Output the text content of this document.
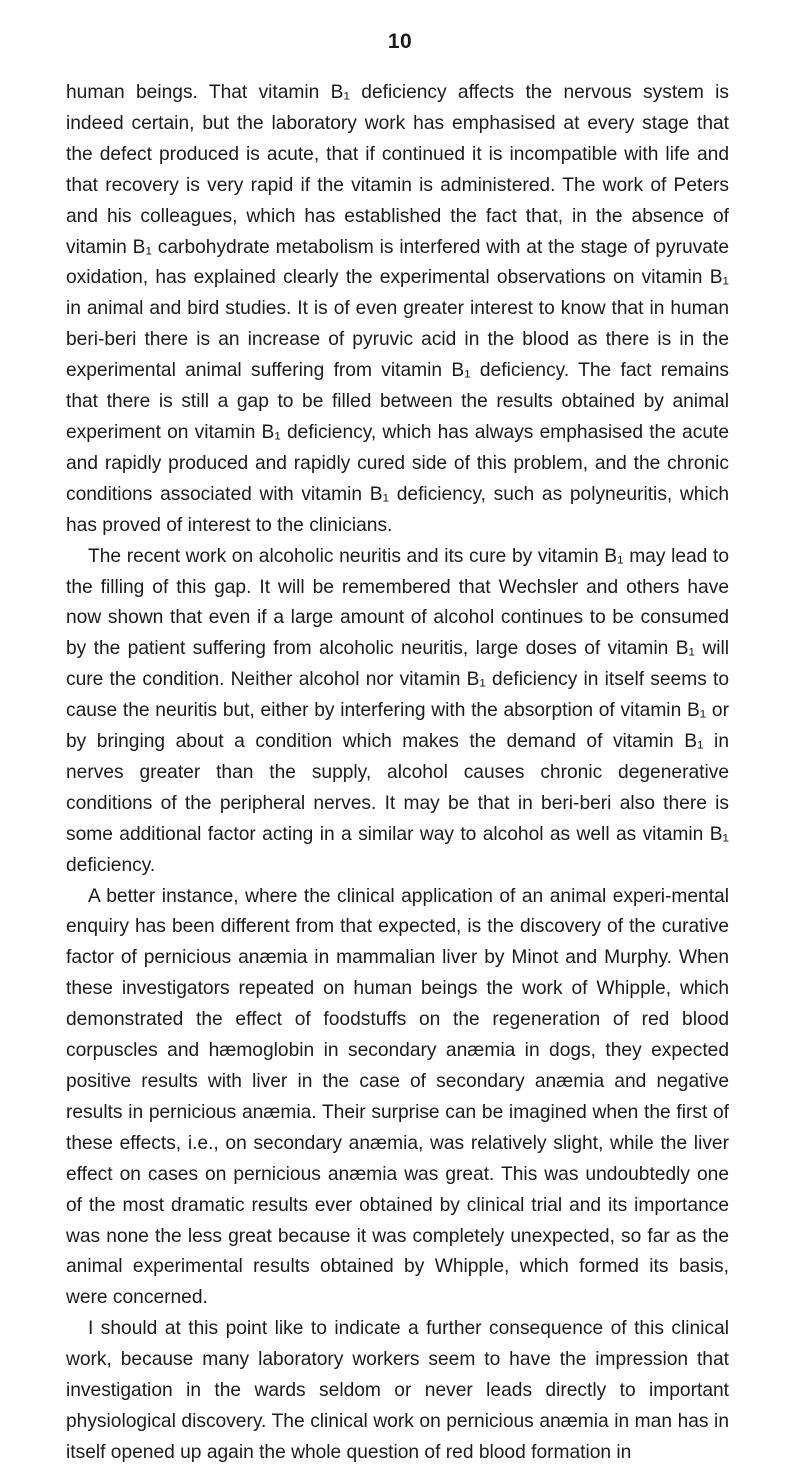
10

human beings. That vitamin B₁ deficiency affects the nervous system is indeed certain, but the laboratory work has emphasised at every stage that the defect produced is acute, that if continued it is incompatible with life and that recovery is very rapid if the vitamin is administered. The work of Peters and his colleagues, which has established the fact that, in the absence of vitamin B₁ carbohydrate metabolism is interfered with at the stage of pyruvate oxidation, has explained clearly the experimental observations on vitamin B₁ in animal and bird studies. It is of even greater interest to know that in human beri-beri there is an increase of pyruvic acid in the blood as there is in the experimental animal suffering from vitamin B₁ deficiency. The fact remains that there is still a gap to be filled between the results obtained by animal experiment on vitamin B₁ deficiency, which has always emphasised the acute and rapidly produced and rapidly cured side of this problem, and the chronic conditions associated with vitamin B₁ deficiency, such as polyneuritis, which has proved of interest to the clinicians.

The recent work on alcoholic neuritis and its cure by vitamin B₁ may lead to the filling of this gap. It will be remembered that Wechsler and others have now shown that even if a large amount of alcohol continues to be consumed by the patient suffering from alcoholic neuritis, large doses of vitamin B₁ will cure the condition. Neither alcohol nor vitamin B₁ deficiency in itself seems to cause the neuritis but, either by interfering with the absorption of vitamin B₁ or by bringing about a condition which makes the demand of vitamin B₁ in nerves greater than the supply, alcohol causes chronic degenerative conditions of the peripheral nerves. It may be that in beri-beri also there is some additional factor acting in a similar way to alcohol as well as vitamin B₁ deficiency.

A better instance, where the clinical application of an animal experi-mental enquiry has been different from that expected, is the discovery of the curative factor of pernicious anæmia in mammalian liver by Minot and Murphy. When these investigators repeated on human beings the work of Whipple, which demonstrated the effect of foodstuffs on the regeneration of red blood corpuscles and hæmoglobin in secondary anæmia in dogs, they expected positive results with liver in the case of secondary anæmia and negative results in pernicious anæmia. Their surprise can be imagined when the first of these effects, i.e., on secondary anæmia, was relatively slight, while the liver effect on cases on pernicious anæmia was great. This was undoubtedly one of the most dramatic results ever obtained by clinical trial and its importance was none the less great because it was completely unexpected, so far as the animal experimental results obtained by Whipple, which formed its basis, were concerned.

I should at this point like to indicate a further consequence of this clinical work, because many laboratory workers seem to have the impression that investigation in the wards seldom or never leads directly to important physiological discovery. The clinical work on pernicious anæmia in man has in itself opened up again the whole question of red blood formation in
